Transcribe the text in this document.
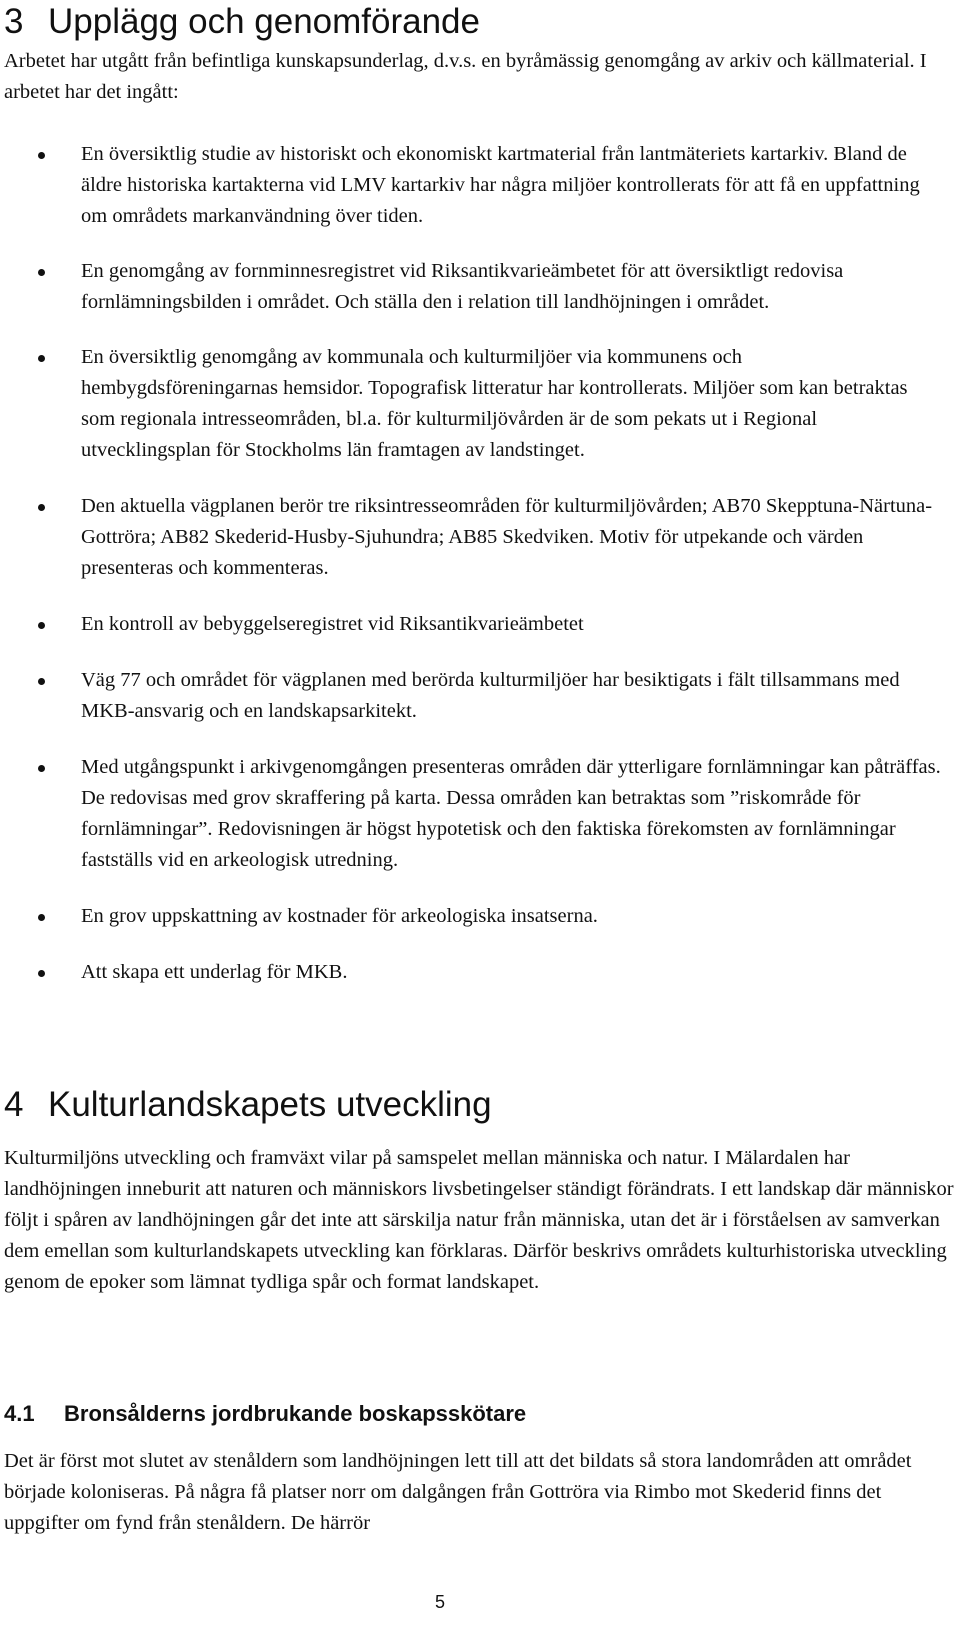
3 Upplägg och genomförande

Arbetet har utgått från befintliga kunskapsunderlag, d.v.s. en byråmässig genomgång av arkiv och källmaterial. I arbetet har det ingått:

En översiktlig studie av historiskt och ekonomiskt kartmaterial från lantmäteriets kartarkiv. Bland de äldre historiska kartakterna vid LMV kartarkiv har några miljöer kontrollerats för att få en uppfattning om områdets markanvändning över tiden.
En genomgång av fornminnesregistret vid Riksantikvarieämbetet för att översiktligt redovisa fornlämningsbilden i området. Och ställa den i relation till landhöjningen i området.
En översiktlig genomgång av kommunala och kulturmiljöer via kommunens och hembygdsföreningarnas hemsidor. Topografisk litteratur har kontrollerats. Miljöer som kan betraktas som regionala intresseområden, bl.a. för kulturmiljövården är de som pekats ut i Regional utvecklingsplan för Stockholms län framtagen av landstinget.
Den aktuella vägplanen berör tre riksintresseområden för kulturmiljövården; AB70 Skepptuna-Närtuna-Gottröra; AB82 Skederid-Husby-Sjuhundra; AB85 Skedviken. Motiv för utpekande och värden presenteras och kommenteras.
En kontroll av bebyggelseregistret vid Riksantikvarieämbetet
Väg 77 och området för vägplanen med berörda kulturmiljöer har besiktigats i fält tillsammans med MKB-ansvarig och en landskapsarkitekt.
Med utgångspunkt i arkivgenomgången presenteras områden där ytterligare fornlämningar kan påträffas. De redovisas med grov skraffering på karta. Dessa områden kan betraktas som ”riskområde för fornlämningar”. Redovisningen är högst hypotetisk och den faktiska förekomsten av fornlämningar fastställs vid en arkeologisk utredning.
En grov uppskattning av kostnader för arkeologiska insatserna.
Att skapa ett underlag för MKB.
4 Kulturlandskapets utveckling

Kulturmiljöns utveckling och framväxt vilar på samspelet mellan människa och natur. I Mälardalen har landhöjningen inneburit att naturen och människors livsbetingelser ständigt förändrats. I ett landskap där människor följt i spåren av landhöjningen går det inte att särskilja natur från människa, utan det är i förståelsen av samverkan dem emellan som kulturlandskapets utveckling kan förklaras. Därför beskrivs områdets kulturhistoriska utveckling genom de epoker som lämnat tydliga spår och format landskapet.

4.1 Bronsålderns jordbrukande boskapsskötare

Det är först mot slutet av stenåldern som landhöjningen lett till att det bildats så stora landområden att området började koloniseras. På några få platser norr om dalgången från Gottröra via Rimbo mot Skederid finns det uppgifter om fynd från stenåldern. De härrör

5
